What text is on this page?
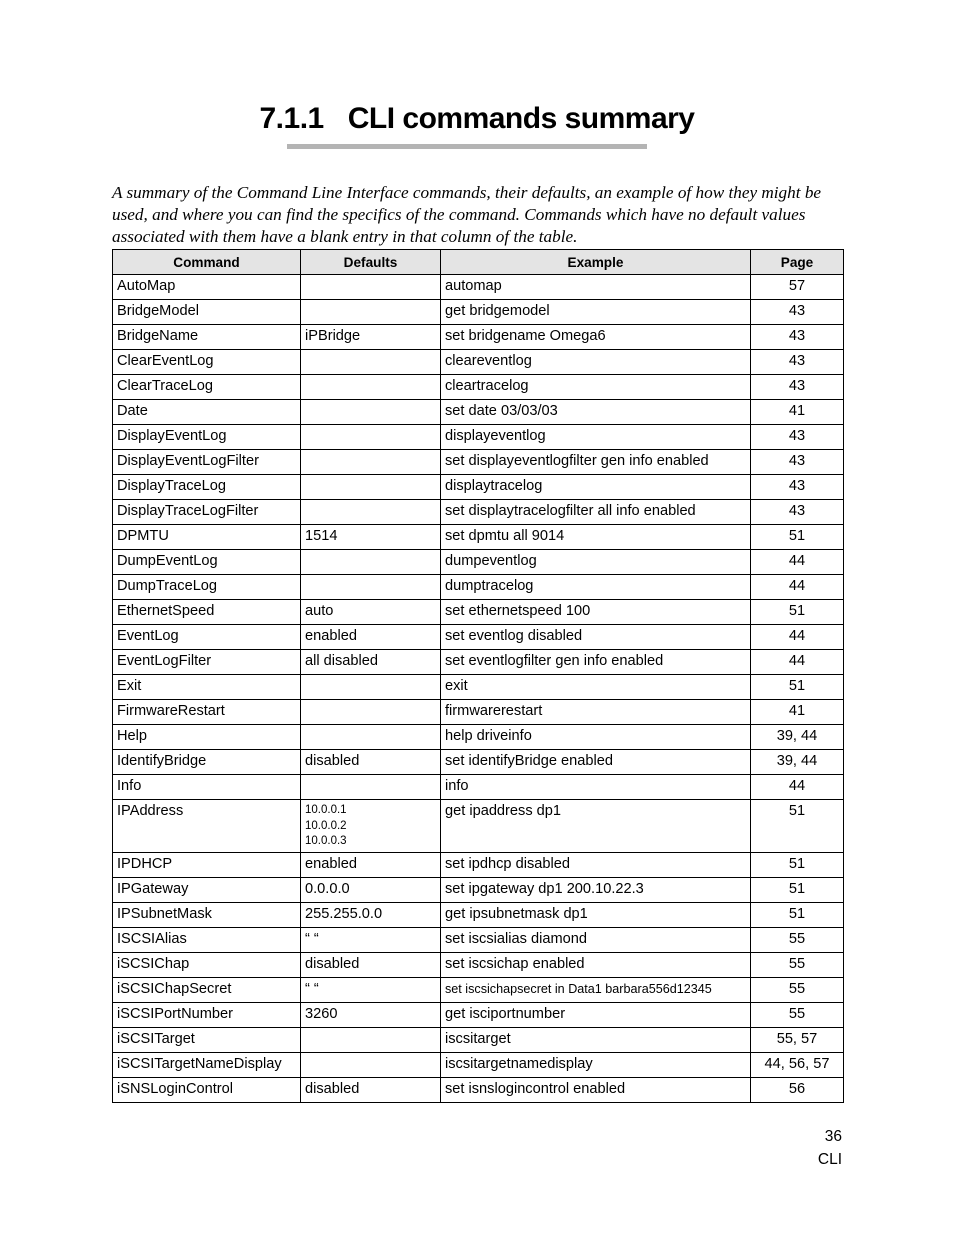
7.1.1 CLI commands summary

A summary of the Command Line Interface commands, their defaults, an example of how they might be used, and where you can find the specifics of the command. Commands which have no default values associated with them have a blank entry in that column of the table.

Command	Defaults	Example	Page
AutoMap		automap	57
BridgeModel		get bridgemodel	43
BridgeName	iPBridge	set bridgename Omega6	43
ClearEventLog		cleareventlog	43
ClearTraceLog		cleartracelog	43
Date		set date 03/03/03	41
DisplayEventLog		displayeventlog	43
DisplayEventLogFilter		set displayeventlogfilter gen info enabled	43
DisplayTraceLog		displaytracelog	43
DisplayTraceLogFilter		set displaytracelogfilter all info enabled	43
DPMTU	1514	set dpmtu all 9014	51
DumpEventLog		dumpeventlog	44
DumpTraceLog		dumptracelog	44
EthernetSpeed	auto	set ethernetspeed 100	51
EventLog	enabled	set eventlog disabled	44
EventLogFilter	all disabled	set eventlogfilter gen info enabled	44
Exit		exit	51
FirmwareRestart		firmwarerestart	41
Help		help driveinfo	39, 44
IdentifyBridge	disabled	set identifyBridge enabled	39, 44
Info		info	44
IPAddress	10.0.0.1
10.0.0.2
10.0.0.3	get ipaddress dp1	51
IPDHCP	enabled	set ipdhcp disabled	51
IPGateway	0.0.0.0	set ipgateway dp1 200.10.22.3	51
IPSubnetMask	255.255.0.0	get ipsubnetmask dp1	51
ISCSIAlias	“ “	set iscsialias diamond	55
iSCSIChap	disabled	set iscsichap enabled	55
iSCSIChapSecret	“ “	set iscsichapsecret in Data1 barbara556d12345	55
iSCSIPortNumber	3260	get isciportnumber	55
iSCSITarget		iscsitarget	55, 57
iSCSITargetNameDisplay		iscsitargetnamedisplay	44, 56, 57
iSNSLoginControl	disabled	set isnslogincontrol enabled	56
36
CLI
